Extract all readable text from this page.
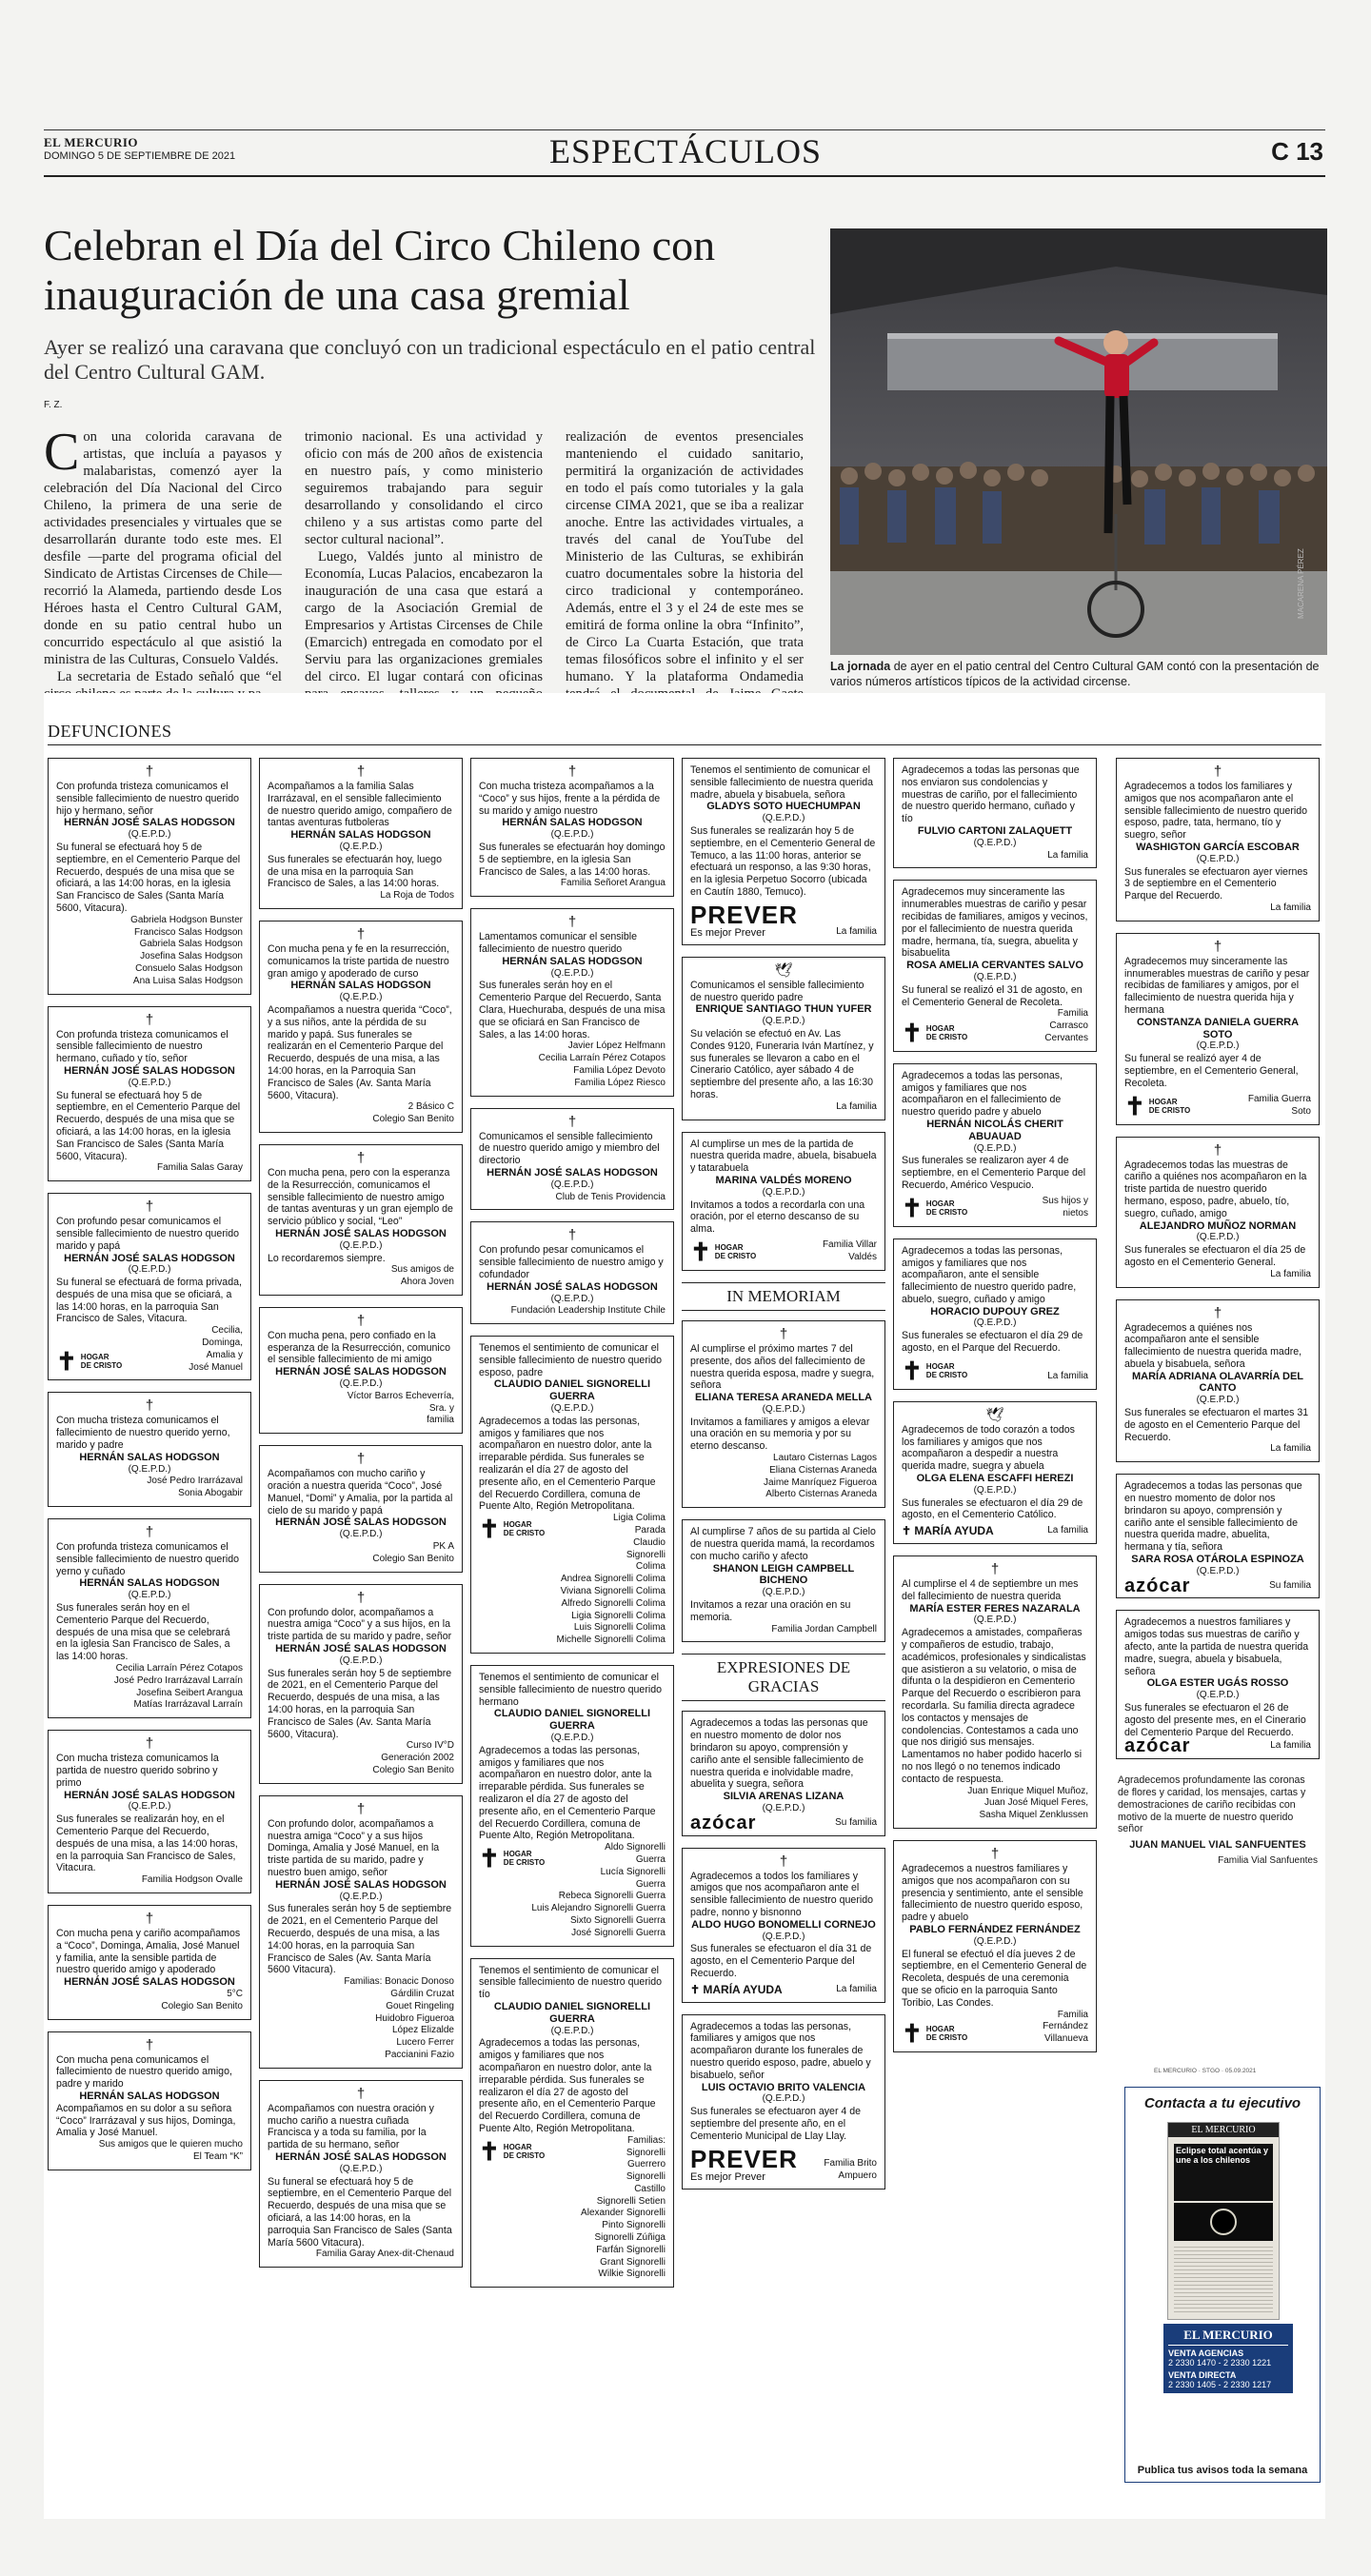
EL MERCURIO
DOMINGO 5 DE SEPTIEMBRE DE 2021	ESPECTÁCULOS	C 13
Celebran el Día del Circo Chileno con inauguración de una casa gremial
Ayer se realizó una caravana que concluyó con un tradicional espectáculo en el patio central del Centro Cultural GAM.
F. Z.

Con una colorida caravana de artistas, que incluía a payasos y malabaristas, comenzó ayer la celebración del Día Nacional del Circo Chileno, la primera de una serie de actividades presenciales y virtuales que se desarrollarán durante todo este mes. El desfile —parte del programa oficial del Sindicato de Artistas Circenses de Chile— recorrió la Alameda, partiendo desde Los Héroes hasta el Centro Cultural GAM, donde en su patio central hubo un concurrido espectáculo al que asistió la ministra de las Culturas, Consuelo Valdés.

La secretaria de Estado señaló que “el

trimonio nacional. Es una actividad y oficio con más de 200 años de existencia en nuestro país, y como ministerio seguiremos trabajando para seguir desarrollando y consolidando el circo chileno y a sus artistas como parte del sector cultural nacional”.

Luego, Valdés junto al ministro de Economía, Lucas Palacios, encabezaron la inauguración de una casa que estará a cargo de la Asociación Gremial de Empresarios y Artistas Circenses de Chile (Emarcich) entregada en comodato por el Serviu para las organizaciones gremiales del circo. El lugar contará con oficinas

realización de eventos presenciales manteniendo el cuidado sanitario, permitirá la organización de actividades en todo el país como tutoriales y la gala circense CIMA 2021, que se iba a realizar anoche. Entre las actividades virtuales, a través del canal de YouTube del Ministerio de las Culturas, se exhibirán cuatro documentales sobre la historia del circo tradicional y contemporáneo. Además, entre el 3 y el 24 de este mes se emitirá de forma online la obra “Infinito”, de Circo La Cuarta Estación, que trata temas filosóficos sobre el infinito y el ser humano. Y la plataforma Ondamedia

MACARENA PÉREZ
La jornada de ayer en el patio central del Centro Cultural GAM contó con la presentación de varios números artísticos típicos de la actividad circense.
DEFUNCIONES
†

Con profunda tristeza comunicamos el sensible fallecimiento de nuestro querido hijo y hermano, señor

HERNÁN JOSÉ SALAS HODGSON
(Q.E.P.D.)

Su funeral se efectuará hoy 5 de septiembre, en el Cementerio Parque del Recuerdo, después de una misa que se oficiará, a las 14:00 horas, en la iglesia San Francisco de Sales (Santa María 5600, Vitacura).

Gabriela Hodgson Bunster
Francisco Salas Hodgson
Gabriela Salas Hodgson
Josefina Salas Hodgson
Consuelo Salas Hodgson
Ana Luisa Salas Hodgson
†

Con profunda tristeza comunicamos el sensible fallecimiento de nuestro hermano, cuñado y tío, señor

HERNÁN JOSÉ SALAS HODGSON
(Q.E.P.D.)

Su funeral se efectuará hoy 5 de septiembre, en el Cementerio Parque del Recuerdo, después de una misa que se oficiará, a las 14:00 horas, en la iglesia San Francisco de Sales (Santa María 5600, Vitacura).

Familia Salas Garay
†

Con profundo pesar comunicamos el sensible fallecimiento de nuestro querido marido y papá

HERNÁN JOSÉ SALAS HODGSON
(Q.E.P.D.)

Su funeral se efectuará de forma privada, después de una misa que se oficiará, a las 14:00 horas, en la parroquia San Francisco de Sales, Vitacura.

✝ HOGAR
DE CRISTO
Cecilia,
Dominga,
Amalia y
José Manuel
†

Con mucha tristeza comunicamos el fallecimiento de nuestro querido yerno, marido y padre

HERNÁN SALAS HODGSON
(Q.E.P.D.)
José Pedro Irarrázaval
Sonia Abogabir
†

Con profunda tristeza comunicamos el sensible fallecimiento de nuestro querido yerno y cuñado

HERNÁN SALAS HODGSON
(Q.E.P.D.)

Sus funerales serán hoy en el Cementerio Parque del Recuerdo, después de una misa que se celebrará en la iglesia San Francisco de Sales, a las 14:00 horas.

Cecilia Larraín Pérez Cotapos
José Pedro Irarrázaval Larraín
Josefina Seibert Arangua
Matías Irarrázaval Larraín
†

Con mucha tristeza comunicamos la partida de nuestro querido sobrino y primo

HERNÁN JOSÉ SALAS HODGSON
(Q.E.P.D.)

Sus funerales se realizarán hoy, en el Cementerio Parque del Recuerdo, después de una misa, a las 14:00 horas, en la parroquia San Francisco de Sales, Vitacura.

Familia Hodgson Ovalle
†

Con mucha pena y cariño acompañamos a “Coco”, Dominga, Amalia, José Manuel y familia, ante la sensible partida de nuestro querido amigo y apoderado

HERNÁN JOSÉ SALAS HODGSON
5°C
Colegio San Benito
†

Con mucha pena comunicamos el fallecimiento de nuestro querido amigo, padre y marido

HERNÁN SALAS HODGSON

Acompañamos en su dolor a su señora “Coco” Irarrázaval y sus hijos, Dominga, Amalia y José Manuel.

Sus amigos que le quieren mucho
El Team “K”
†

Acompañamos a la familia Salas Irarrázaval, en el sensible fallecimiento de nuestro querido amigo, compañero de tantas aventuras futboleras

HERNÁN SALAS HODGSON
(Q.E.P.D.)

Sus funerales se efectuarán hoy, luego de una misa en la parroquia San Francisco de Sales, a las 14:00 horas.

La Roja de Todos
†

Con mucha pena y fe en la resurrección, comunicamos la triste partida de nuestro gran amigo y apoderado de curso

HERNÁN SALAS HODGSON
(Q.E.P.D.)

Acompañamos a nuestra querida “Coco”, y a sus niños, ante la pérdida de su marido y papá. Sus funerales se realizarán en el Cementerio Parque del Recuerdo, después de una misa, a las 14:00 horas, en la Parroquia San Francisco de Sales (Av. Santa María 5600, Vitacura).

2 Básico C
Colegio San Benito
†

Con mucha pena, pero con la esperanza de la Resurrección, comunicamos el sensible fallecimiento de nuestro amigo de tantas aventuras y un gran ejemplo de servicio público y social, “Leo”

HERNÁN JOSÉ SALAS HODGSON
(Q.E.P.D.)

Lo recordaremos siempre.

Sus amigos de
Ahora Joven
†

Con mucha pena, pero confiado en la esperanza de la Resurrección, comunico el sensible fallecimiento de mi amigo

HERNÁN JOSÉ SALAS HODGSON
(Q.E.P.D.)
Víctor Barros Echeverría,
Sra. y
familia
†

Acompañamos con mucho cariño y oración a nuestra querida “Coco”, José Manuel, “Domi” y Amalia, por la partida al cielo de su marido y papá

HERNÁN JOSÉ SALAS HODGSON
(Q.E.P.D.)
PK A
Colegio San Benito
†

Con profundo dolor, acompañamos a nuestra amiga “Coco” y a sus hijos, en la triste partida de su marido y padre, señor

HERNÁN JOSÉ SALAS HODGSON
(Q.E.P.D.)

Sus funerales serán hoy 5 de septiembre de 2021, en el Cementerio Parque del Recuerdo, después de una misa, a las 14:00 horas, en la parroquia San Francisco de Sales (Av. Santa María 5600, Vitacura).

Curso IV°D
Generación 2002
Colegio San Benito
†

Con profundo dolor, acompañamos a nuestra amiga “Coco” y a sus hijos Dominga, Amalia y José Manuel, en la triste partida de su marido, padre y nuestro buen amigo, señor

HERNÁN JOSÉ SALAS HODGSON
(Q.E.P.D.)

Sus funerales serán hoy 5 de septiembre de 2021, en el Cementerio Parque del Recuerdo, después de una misa, a las 14:00 horas, en la parroquia San Francisco de Sales (Av. Santa María 5600 Vitacura).

Familias: Bonacic Donoso
Gárdilin Cruzat
Gouet Ringeling
Huidobro Figueroa
López Elizalde
Lucero Ferrer
Paccianini Fazio
†

Acompañamos con nuestra oración y mucho cariño a nuestra cuñada Francisca y a toda su familia, por la partida de su hermano, señor

HERNÁN JOSÉ SALAS HODGSON
(Q.E.P.D.)

Su funeral se efectuará hoy 5 de septiembre, en el Cementerio Parque del Recuerdo, después de una misa que se oficiará, a las 14:00 horas, en la parroquia San Francisco de Sales (Santa María 5600 Vitacura).

Familia Garay Anex-dit-Chenaud
†

Con mucha tristeza acompañamos a la “Coco” y sus hijos, frente a la pérdida de su marido y amigo nuestro

HERNÁN SALAS HODGSON
(Q.E.P.D.)

Sus funerales se efectuarán hoy domingo 5 de septiembre, en la iglesia San Francisco de Sales, a las 14:00 horas.

Familia Señoret Arangua
†

Lamentamos comunicar el sensible fallecimiento de nuestro querido

HERNÁN SALAS HODGSON
(Q.E.P.D.)

Sus funerales serán hoy en el Cementerio Parque del Recuerdo, Santa Clara, Huechuraba, después de una misa que se oficiará en San Francisco de Sales, a las 14:00 horas.

Javier López Helfmann
Cecilia Larraín Pérez Cotapos
Familia López Devoto
Familia López Riesco
†

Comunicamos el sensible fallecimiento de nuestro querido amigo y miembro del directorio

HERNÁN JOSÉ SALAS HODGSON
(Q.E.P.D.)
Club de Tenis Providencia
†

Con profundo pesar comunicamos el sensible fallecimiento de nuestro amigo y cofundador

HERNÁN JOSÉ SALAS HODGSON
(Q.E.P.D.)
Fundación Leadership Institute Chile

Tenemos el sentimiento de comunicar el sensible fallecimiento de nuestro querido esposo, padre

CLAUDIO DANIEL SIGNORELLI GUERRA
(Q.E.P.D.)

Agradecemos a todas las personas, amigos y familiares que nos acompañaron en nuestro dolor, ante la irreparable pérdida. Sus funerales se realizarán el día 27 de agosto del presente año, en el Cementerio Parque del Recuerdo Cordillera, comuna de Puente Alto, Región Metropolitana.

✝ HOGAR
DE CRISTO
Ligia Colima
Parada
Claudio
Signorelli
Colima
Andrea Signorelli Colima
Viviana Signorelli Colima
Alfredo Signorelli Colima
Ligia Signorelli Colima
Luis Signorelli Colima
Michelle Signorelli Colima

Tenemos el sentimiento de comunicar el sensible fallecimiento de nuestro querido hermano

CLAUDIO DANIEL SIGNORELLI GUERRA
(Q.E.P.D.)

Agradecemos a todas las personas, amigos y familiares que nos acompañaron en nuestro dolor, ante la irreparable pérdida. Sus funerales se realizaron el día 27 de agosto del presente año, en el Cementerio Parque del Recuerdo Cordillera, comuna de Puente Alto, Región Metropolitana.

✝ HOGAR
DE CRISTO
Aldo Signorelli
Guerra
Lucía Signorelli
Guerra
Rebeca Signorelli Guerra
Luis Alejandro Signorelli Guerra
Sixto Signorelli Guerra
José Signorelli Guerra

Tenemos el sentimiento de comunicar el sensible fallecimiento de nuestro querido tío

CLAUDIO DANIEL SIGNORELLI GUERRA
(Q.E.P.D.)

Agradecemos a todas las personas, amigos y familiares que nos acompañaron en nuestro dolor, ante la irreparable pérdida. Sus funerales se realizaron el día 27 de agosto del presente año, en el Cementerio Parque del Recuerdo Cordillera, comuna de Puente Alto, Región Metropolitana.

✝ HOGAR
DE CRISTO
Familias:
Signorelli
Guerrero
Signorelli
Castillo
Signorelli Setien
Alexander Signorelli
Pinto Signorelli
Signorelli Zúñiga
Farfán Signorelli
Grant Signorelli
Wilkie Signorelli

Tenemos el sentimiento de comunicar el sensible fallecimiento de nuestra querida madre, abuela y bisabuela, señora

GLADYS SOTO HUECHUMPAN
(Q.E.P.D.)

Sus funerales se realizarán hoy 5 de septiembre, en el Cementerio General de Temuco, a las 11:00 horas, anterior se efectuará un responso, a las 9:30 horas, en la iglesia Perpetuo Socorro (ubicada en Cautín 1880, Temuco).

PREVER
Es mejor Prever	La familia
🕊

Comunicamos el sensible fallecimiento de nuestro querido padre

ENRIQUE SANTIAGO THUN YUFER
(Q.E.P.D.)

Su velación se efectuó en Av. Las Condes 9120, Funeraria Iván Martínez, y sus funerales se llevaron a cabo en el Cinerario Católico, ayer sábado 4 de septiembre del presente año, a las 16:30 horas.

La familia

Al cumplirse un mes de la partida de nuestra querida madre, abuela, bisabuela y tatarabuela

MARINA VALDÉS MORENO
(Q.E.P.D.)

Invitamos a todos a recordarla con una oración, por el eterno descanso de su alma.

✝ HOGAR
DE CRISTO
Familia Villar
Valdés
IN MEMORIAM
†

Al cumplirse el próximo martes 7 del presente, dos años del fallecimiento de nuestra querida esposa, madre y suegra, señora

ELIANA TERESA ARANEDA MELLA
(Q.E.P.D.)

Invitamos a familiares y amigos a elevar una oración en su memoria y por su eterno descanso.

Lautaro Cisternas Lagos
Eliana Cisternas Araneda
Jaime Manríquez Figueroa
Alberto Cisternas Araneda

Al cumplirse 7 años de su partida al Cielo de nuestra querida mamá, la recordamos con mucho cariño y afecto

SHANON LEIGH CAMPBELL BICHENO
(Q.E.P.D.)

Invitamos a rezar una oración en su memoria.

Familia Jordan Campbell
EXPRESIONES DE GRACIAS

Agradecemos a todas las personas que en nuestro momento de dolor nos brindaron su apoyo, comprensión y cariño ante el sensible fallecimiento de nuestra querida e inolvidable madre, abuelita y suegra, señora

SILVIA ARENAS LIZANA
(Q.E.P.D.)
azócar	Su familia
†

Agradecemos a todos los familiares y amigos que nos acompañaron ante el sensible fallecimiento de nuestro querido padre, nonno y bisnonno

ALDO HUGO BONOMELLI CORNEJO
(Q.E.P.D.)

Sus funerales se efectuaron el día 31 de agosto, en el Cementerio Parque del Recuerdo.

✝ MARÍA AYUDA	La familia

Agradecemos a todas las personas, familiares y amigos que nos acompañaron durante los funerales de nuestro querido esposo, padre, abuelo y bisabuelo, señor

LUIS OCTAVIO BRITO VALENCIA
(Q.E.P.D.)

Sus funerales se efectuaron ayer 4 de septiembre del presente año, en el Cementerio Municipal de Llay Llay.

PREVER
Es mejor Prever
Familia Brito
Ampuero

Agradecemos a todas las personas que nos enviaron sus condolencias y muestras de cariño, por el fallecimiento de nuestro querido hermano, cuñado y tío

FULVIO CARTONI ZALAQUETT
(Q.E.P.D.)
La familia

Agradecemos muy sinceramente las innumerables muestras de cariño y pesar recibidas de familiares, amigos y vecinos, por el fallecimiento de nuestra querida madre, hermana, tía, suegra, abuelita y bisabuelita

ROSA AMELIA CERVANTES SALVO
(Q.E.P.D.)

Su funeral se realizó el 31 de agosto, en el Cementerio General de Recoleta.

✝ HOGAR
DE CRISTO
Familia
Carrasco
Cervantes

Agradecemos a todas las personas, amigos y familiares que nos acompañaron en el fallecimiento de nuestro querido padre y abuelo

HERNÁN NICOLÁS CHERIT ABUAUAD
(Q.E.P.D.)

Sus funerales se realizaron ayer 4 de septiembre, en el Cementerio Parque del Recuerdo, Américo Vespucio.

✝ HOGAR
DE CRISTO
Sus hijos y
nietos

Agradecemos a todas las personas, amigos y familiares que nos acompañaron, ante el sensible fallecimiento de nuestro querido padre, abuelo, suegro, cuñado y amigo

HORACIO DUPOUY GREZ
(Q.E.P.D.)

Sus funerales se efectuaron el día 29 de agosto, en el Parque del Recuerdo.

✝ HOGAR
DE CRISTO	La familia
🕊

Agradecemos de todo corazón a todos los familiares y amigos que nos acompañaron a despedir a nuestra querida madre, suegra y abuela

OLGA ELENA ESCAFFI HEREZI
(Q.E.P.D.)

Sus funerales se efectuaron el día 29 de agosto, en el Cementerio Católico.

✝ MARÍA AYUDA	La familia
†

Al cumplirse el 4 de septiembre un mes del fallecimiento de nuestra querida

MARÍA ESTER FERES NAZARALA
(Q.E.P.D.)

Agradecemos a amistades, compañeras y compañeros de estudio, trabajo, académicos, profesionales y sindicalistas que asistieron a su velatorio, o misa de difunta o la despidieron en Cementerio Parque del Recuerdo o escribieron para recordarla. Su familia directa agradece los contactos y mensajes de condolencias. Contestamos a cada uno que nos dirigió sus mensajes. Lamentamos no haber podido hacerlo si no nos llegó o no tenemos indicado contacto de respuesta.

Juan Enrique Miquel Muñoz,
Juan José Miquel Feres,
Sasha Miquel Zenklussen
†

Agradecemos a nuestros familiares y amigos que nos acompañaron con su presencia y sentimiento, ante el sensible fallecimiento de nuestro querido esposo, padre y abuelo

PABLO FERNÁNDEZ FERNÁNDEZ
(Q.E.P.D.)

El funeral se efectuó el día jueves 2 de septiembre, en el Cementerio General de Recoleta, después de una ceremonia que se oficio en la parroquia Santo Toribio, Las Condes.

✝ HOGAR
DE CRISTO
Familia
Fernández
Villanueva
†

Agradecemos a todos los familiares y amigos que nos acompañaron ante el sensible fallecimiento de nuestro querido esposo, padre, tata, hermano, tío y suegro, señor

WASHIGTON GARCÍA ESCOBAR
(Q.E.P.D.)

Sus funerales se efectuaron ayer viernes 3 de septiembre en el Cementerio Parque del Recuerdo.

La familia
†

Agradecemos muy sinceramente las innumerables muestras de cariño y pesar recibidas de familiares y amigos, por el fallecimiento de nuestra querida hija y hermana

CONSTANZA DANIELA GUERRA SOTO
(Q.E.P.D.)

Su funeral se realizó ayer 4 de septiembre, en el Cementerio General, Recoleta.

✝ HOGAR
DE CRISTO
Familia Guerra
Soto
†

Agradecemos todas las muestras de cariño a quiénes nos acompañaron en la triste partida de nuestro querido hermano, esposo, padre, abuelo, tío, suegro, cuñado, amigo

ALEJANDRO MUÑOZ NORMAN
(Q.E.P.D.)

Sus funerales se efectuaron el día 25 de agosto en el Cementerio General.

La familia
†

Agradecemos a quiénes nos acompañaron ante el sensible fallecimiento de nuestra querida madre, abuela y bisabuela, señora

MARÍA ADRIANA OLAVARRÍA DEL CANTO
(Q.E.P.D.)

Sus funerales se efectuaron el martes 31 de agosto en el Cementerio Parque del Recuerdo.

La familia

Agradecemos a todas las personas que en nuestro momento de dolor nos brindaron su apoyo, comprensión y cariño ante el sensible fallecimiento de nuestra querida madre, abuelita, hermana y tía, señora

SARA ROSA OTÁROLA ESPINOZA
(Q.E.P.D.)
azócar	Su familia

Agradecemos a nuestros familiares y amigos todas sus muestras de cariño y afecto, ante la partida de nuestra querida madre, suegra, abuela y bisabuela, señora

OLGA ESTER UGÁS ROSSO
(Q.E.P.D.)

Sus funerales se efectuaron el 26 de agosto del presente mes, en el Cinerario del Cementerio Parque del Recuerdo.

azócar	La familia

Agradecemos profundamente las coronas de flores y caridad, los mensajes, cartas y demostraciones de cariño recibidas con motivo de la muerte de nuestro querido señor

JUAN MANUEL VIAL SANFUENTES
Familia Vial Sanfuentes
EL MERCURIO · STGO · 05.09.2021
Contacta a tu ejecutivo
EL MERCURIO
Eclipse total acentúa y une a los chilenos
EL MERCURIO
VENTA AGENCIAS
2 2330 1470 - 2 2330 1221
VENTA DIRECTA
2 2330 1405 - 2 2330 1217
Publica tus avisos toda la semana
